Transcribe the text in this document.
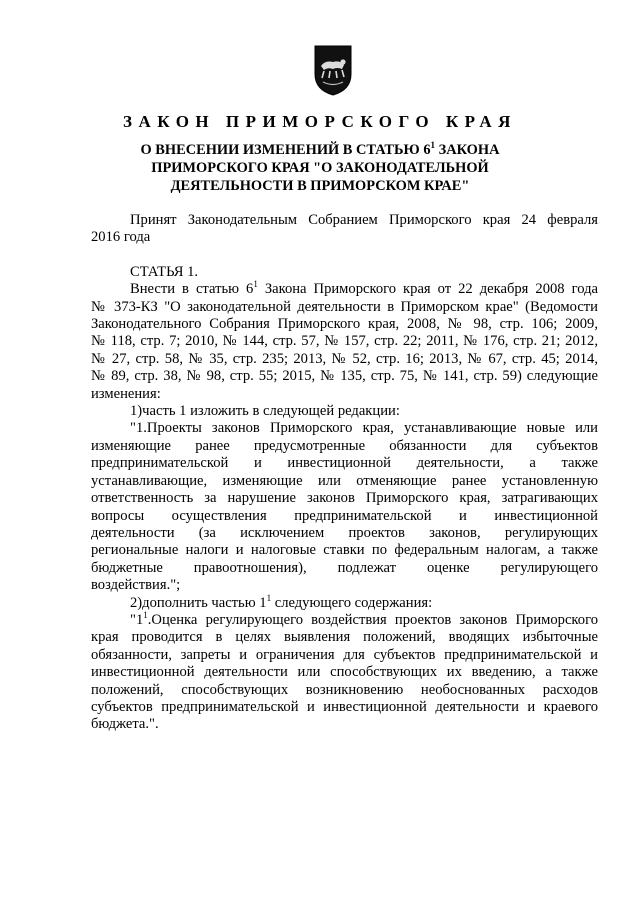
ЗАКОН ПРИМОРСКОГО КРАЯ
О ВНЕСЕНИИ ИЗМЕНЕНИЙ В СТАТЬЮ $6^1$ ЗАКОНА
ПРИМОРСКОГО КРАЯ "О ЗАКОНОДАТЕЛЬНОЙ
ДЕЯТЕЛЬНОСТИ В ПРИМОРСКОМ КРАЕ"

Принят Законодательным Собранием Приморского края 24 февраля
2016 года

СТАТЬЯ 1.

Внести в статью $6^1$ Закона Приморского края от 22 декабря 2008 года
№ 373-КЗ "О законодательной деятельности в Приморском крае" (Ведомости
Законодательного Собрания Приморского края, 2008, № 98, стр. 106; 2009,
№ 118, стр. 7; 2010, № 144, стр. 57, № 157, стр. 22; 2011, № 176, стр. 21; 2012,
№ 27, стр. 58, № 35, стр. 235; 2013, № 52, стр. 16; 2013, № 67, стр. 45; 2014,
№ 89, стр. 38, № 98, стр. 55; 2015, № 135, стр. 75, № 141, стр. 59) следующие
изменения:

1)часть 1 изложить в следующей редакции:

"1.Проекты законов Приморского края, устанавливающие новые или
изменяющие ранее предусмотренные обязанности для субъектов
предпринимательской и инвестиционной деятельности, а также
устанавливающие, изменяющие или отменяющие ранее установленную
ответственность за нарушение законов Приморского края, затрагивающих
вопросы осуществления предпринимательской и инвестиционной
деятельности (за исключением проектов законов, регулирующих
региональные налоги и налоговые ставки по федеральным налогам, а также
бюджетные правоотношения), подлежат оценке регулирующего
воздействия.";

2)дополнить частью $1^1$ следующего содержания:

"$1^1.Оценка$ регулирующего воздействия проектов законов Приморского
края проводится в целях выявления положений, вводящих избыточные
обязанности, запреты и ограничения для субъектов предпринимательской и
инвестиционной деятельности или способствующих их введению, а также
положений, способствующих возникновению необоснованных расходов
субъектов предпринимательской и инвестиционной деятельности и краевого
бюджета.".
